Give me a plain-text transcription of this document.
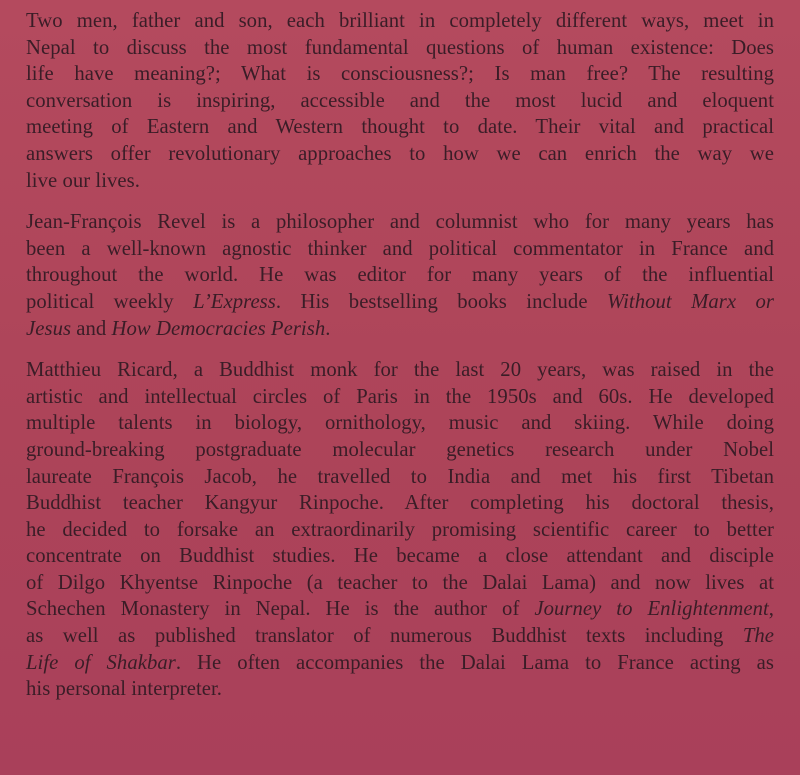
Two men, father and son, each brilliant in completely different ways, meet in
Nepal to discuss the most fundamental questions of human existence: Does
life have meaning?; What is consciousness?; Is man free? The resulting
conversation is inspiring, accessible and the most lucid and eloquent
meeting of Eastern and Western thought to date. Their vital and practical
answers offer revolutionary approaches to how we can enrich the way we
live our lives.

Jean-François Revel is a philosopher and columnist who for many years has
been a well-known agnostic thinker and political commentator in France and
throughout the world. He was editor for many years of the influential
political weekly L’Express. His bestselling books include Without Marx or
Jesus and How Democracies Perish.

Matthieu Ricard, a Buddhist monk for the last 20 years, was raised in the
artistic and intellectual circles of Paris in the 1950s and 60s. He developed
multiple talents in biology, ornithology, music and skiing. While doing
ground-breaking postgraduate molecular genetics research under Nobel
laureate François Jacob, he travelled to India and met his first Tibetan
Buddhist teacher Kangyur Rinpoche. After completing his doctoral thesis,
he decided to forsake an extraordinarily promising scientific career to better
concentrate on Buddhist studies. He became a close attendant and disciple
of Dilgo Khyentse Rinpoche (a teacher to the Dalai Lama) and now lives at
Schechen Monastery in Nepal. He is the author of Journey to Enlightenment,
as well as published translator of numerous Buddhist texts including The
Life of Shakbar. He often accompanies the Dalai Lama to France acting as
his personal interpreter.
